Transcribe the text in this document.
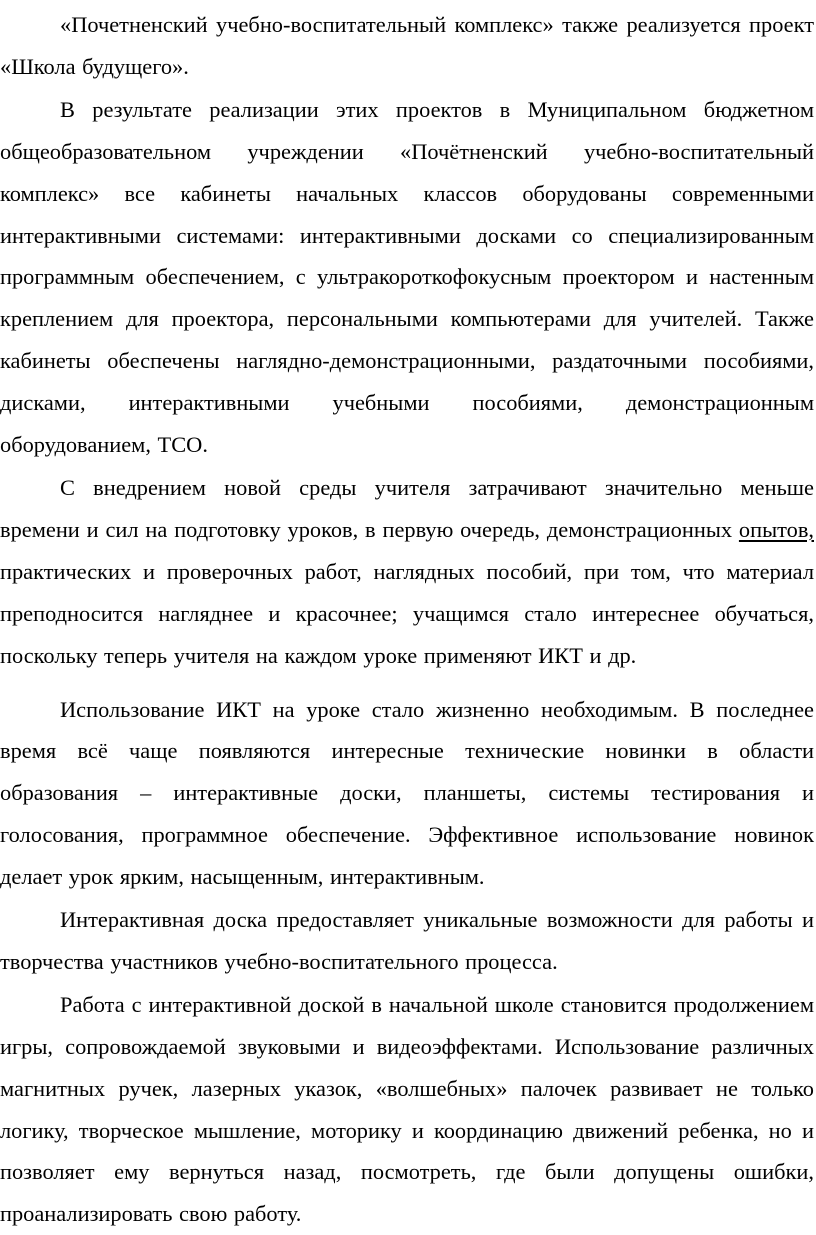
«Почетненский учебно-воспитательный комплекс» также реализуется проект «Школа будущего».

В результате реализации этих проектов в Муниципальном бюджетном общеобразовательном учреждении «Почётненский учебно-воспитательный комплекс» все кабинеты начальных классов оборудованы современными интерактивными системами: интерактивными досками со специализированным программным обеспечением, с ультракороткофокусным проектором и настенным креплением для проектора, персональными компьютерами для учителей. Также кабинеты обеспечены наглядно-демонстрационными, раздаточными пособиями, дисками, интерактивными учебными пособиями, демонстрационным оборудованием, ТСО.

С внедрением новой среды учителя затрачивают значительно меньше времени и сил на подготовку уроков, в первую очередь, демонстрационных опытов, практических и проверочных работ, наглядных пособий, при том, что материал преподносится нагляднее и красочнее; учащимся стало интереснее обучаться, поскольку теперь учителя на каждом уроке применяют ИКТ и др.

Использование ИКТ на уроке стало жизненно необходимым. В последнее время всё чаще появляются интересные технические новинки в области образования – интерактивные доски, планшеты, системы тестирования и голосования, программное обеспечение. Эффективное использование новинок делает урок ярким, насыщенным, интерактивным.

Интерактивная доска предоставляет уникальные возможности для работы и творчества участников учебно-воспитательного процесса.

Работа с интерактивной доской в начальной школе становится продолжением игры, сопровождаемой звуковыми и видеоэффектами. Использование различных магнитных ручек, лазерных указок, «волшебных» палочек развивает не только логику, творческое мышление, моторику и координацию движений ребенка, но и позволяет ему вернуться назад, посмотреть, где были допущены ошибки, проанализировать свою работу.
